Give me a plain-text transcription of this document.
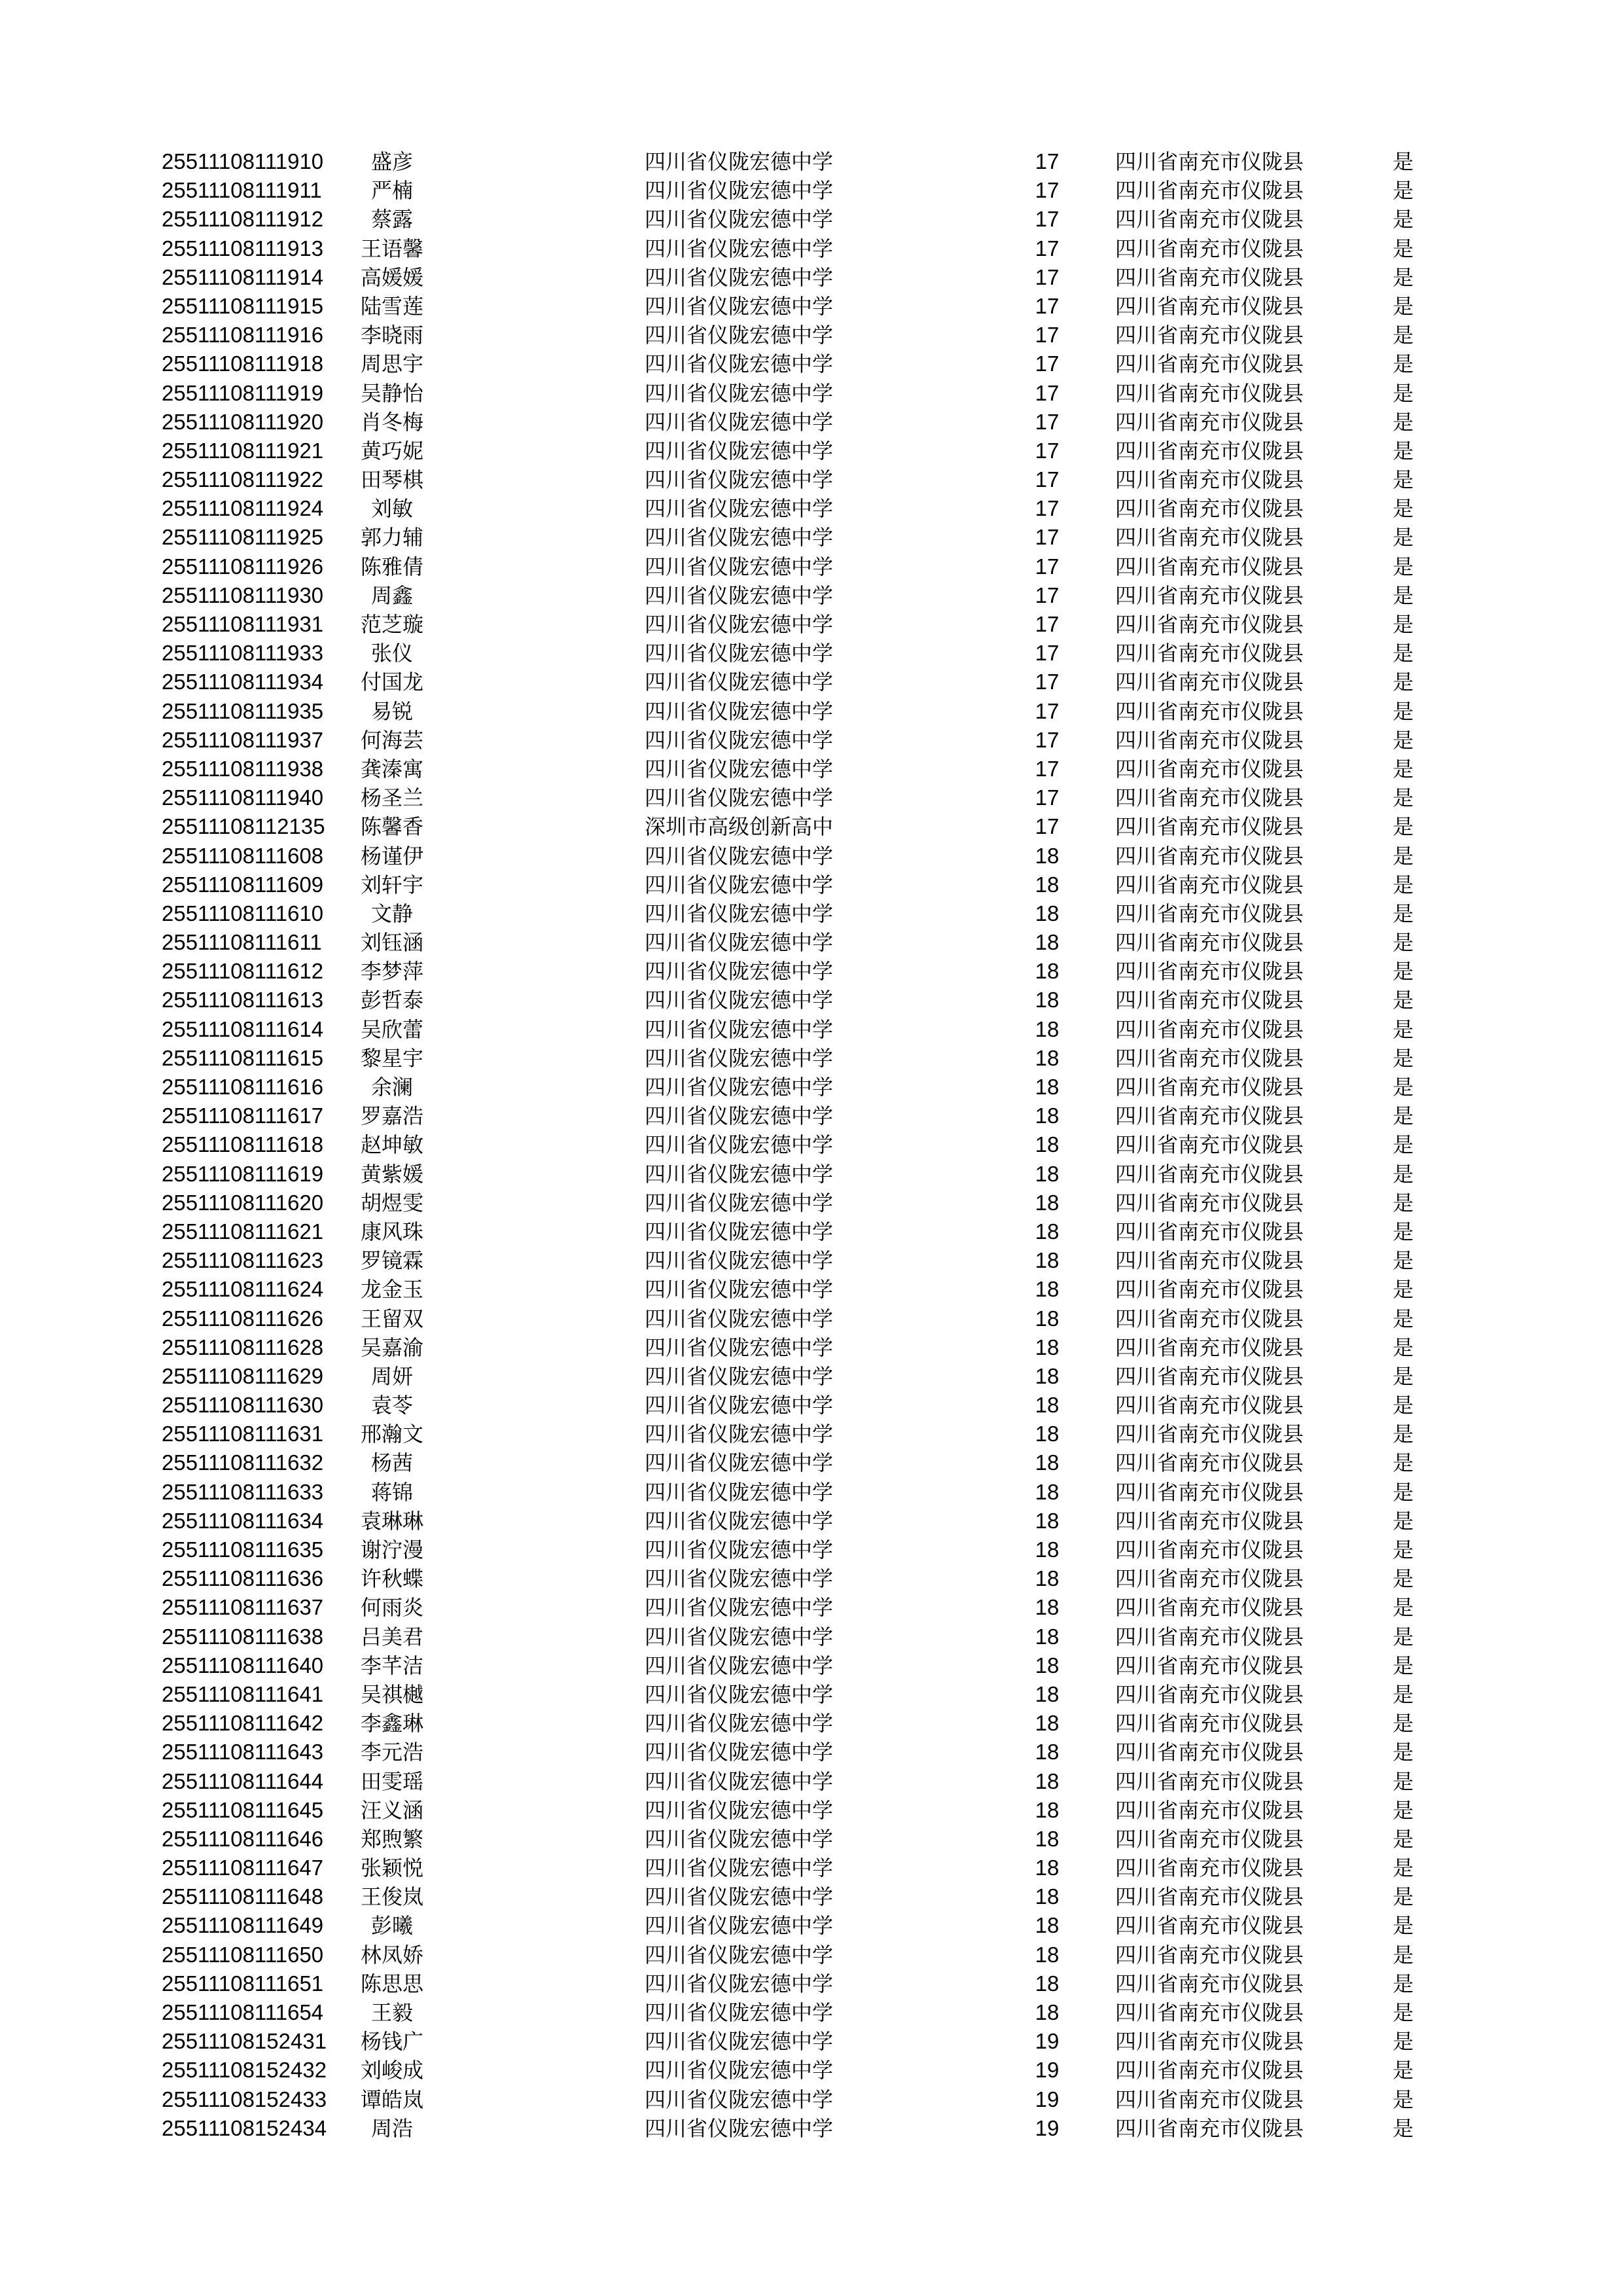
25511108111910	盛彦	四川省仪陇宏德中学	17	四川省南充市仪陇县	是
25511108111911	严楠	四川省仪陇宏德中学	17	四川省南充市仪陇县	是
25511108111912	蔡露	四川省仪陇宏德中学	17	四川省南充市仪陇县	是
25511108111913	王语馨	四川省仪陇宏德中学	17	四川省南充市仪陇县	是
25511108111914	高媛媛	四川省仪陇宏德中学	17	四川省南充市仪陇县	是
25511108111915	陆雪莲	四川省仪陇宏德中学	17	四川省南充市仪陇县	是
25511108111916	李晓雨	四川省仪陇宏德中学	17	四川省南充市仪陇县	是
25511108111918	周思宇	四川省仪陇宏德中学	17	四川省南充市仪陇县	是
25511108111919	吴静怡	四川省仪陇宏德中学	17	四川省南充市仪陇县	是
25511108111920	肖冬梅	四川省仪陇宏德中学	17	四川省南充市仪陇县	是
25511108111921	黄巧妮	四川省仪陇宏德中学	17	四川省南充市仪陇县	是
25511108111922	田琴棋	四川省仪陇宏德中学	17	四川省南充市仪陇县	是
25511108111924	刘敏	四川省仪陇宏德中学	17	四川省南充市仪陇县	是
25511108111925	郭力辅	四川省仪陇宏德中学	17	四川省南充市仪陇县	是
25511108111926	陈雅倩	四川省仪陇宏德中学	17	四川省南充市仪陇县	是
25511108111930	周鑫	四川省仪陇宏德中学	17	四川省南充市仪陇县	是
25511108111931	范芝璇	四川省仪陇宏德中学	17	四川省南充市仪陇县	是
25511108111933	张仪	四川省仪陇宏德中学	17	四川省南充市仪陇县	是
25511108111934	付国龙	四川省仪陇宏德中学	17	四川省南充市仪陇县	是
25511108111935	易锐	四川省仪陇宏德中学	17	四川省南充市仪陇县	是
25511108111937	何海芸	四川省仪陇宏德中学	17	四川省南充市仪陇县	是
25511108111938	龚溱寓	四川省仪陇宏德中学	17	四川省南充市仪陇县	是
25511108111940	杨圣兰	四川省仪陇宏德中学	17	四川省南充市仪陇县	是
25511108112135	陈馨香	深圳市高级创新高中	17	四川省南充市仪陇县	是
25511108111608	杨谨伊	四川省仪陇宏德中学	18	四川省南充市仪陇县	是
25511108111609	刘轩宇	四川省仪陇宏德中学	18	四川省南充市仪陇县	是
25511108111610	文静	四川省仪陇宏德中学	18	四川省南充市仪陇县	是
25511108111611	刘钰涵	四川省仪陇宏德中学	18	四川省南充市仪陇县	是
25511108111612	李梦萍	四川省仪陇宏德中学	18	四川省南充市仪陇县	是
25511108111613	彭哲泰	四川省仪陇宏德中学	18	四川省南充市仪陇县	是
25511108111614	吴欣蕾	四川省仪陇宏德中学	18	四川省南充市仪陇县	是
25511108111615	黎星宇	四川省仪陇宏德中学	18	四川省南充市仪陇县	是
25511108111616	余澜	四川省仪陇宏德中学	18	四川省南充市仪陇县	是
25511108111617	罗嘉浩	四川省仪陇宏德中学	18	四川省南充市仪陇县	是
25511108111618	赵坤敏	四川省仪陇宏德中学	18	四川省南充市仪陇县	是
25511108111619	黄紫媛	四川省仪陇宏德中学	18	四川省南充市仪陇县	是
25511108111620	胡煜雯	四川省仪陇宏德中学	18	四川省南充市仪陇县	是
25511108111621	康风珠	四川省仪陇宏德中学	18	四川省南充市仪陇县	是
25511108111623	罗镜霖	四川省仪陇宏德中学	18	四川省南充市仪陇县	是
25511108111624	龙金玉	四川省仪陇宏德中学	18	四川省南充市仪陇县	是
25511108111626	王留双	四川省仪陇宏德中学	18	四川省南充市仪陇县	是
25511108111628	吴嘉渝	四川省仪陇宏德中学	18	四川省南充市仪陇县	是
25511108111629	周妍	四川省仪陇宏德中学	18	四川省南充市仪陇县	是
25511108111630	袁苓	四川省仪陇宏德中学	18	四川省南充市仪陇县	是
25511108111631	邢瀚文	四川省仪陇宏德中学	18	四川省南充市仪陇县	是
25511108111632	杨茜	四川省仪陇宏德中学	18	四川省南充市仪陇县	是
25511108111633	蒋锦	四川省仪陇宏德中学	18	四川省南充市仪陇县	是
25511108111634	袁琳琳	四川省仪陇宏德中学	18	四川省南充市仪陇县	是
25511108111635	谢泞漫	四川省仪陇宏德中学	18	四川省南充市仪陇县	是
25511108111636	许秋蝶	四川省仪陇宏德中学	18	四川省南充市仪陇县	是
25511108111637	何雨炎	四川省仪陇宏德中学	18	四川省南充市仪陇县	是
25511108111638	吕美君	四川省仪陇宏德中学	18	四川省南充市仪陇县	是
25511108111640	李芊洁	四川省仪陇宏德中学	18	四川省南充市仪陇县	是
25511108111641	吴祺樾	四川省仪陇宏德中学	18	四川省南充市仪陇县	是
25511108111642	李鑫琳	四川省仪陇宏德中学	18	四川省南充市仪陇县	是
25511108111643	李元浩	四川省仪陇宏德中学	18	四川省南充市仪陇县	是
25511108111644	田雯瑶	四川省仪陇宏德中学	18	四川省南充市仪陇县	是
25511108111645	汪义涵	四川省仪陇宏德中学	18	四川省南充市仪陇县	是
25511108111646	郑煦繁	四川省仪陇宏德中学	18	四川省南充市仪陇县	是
25511108111647	张颖悦	四川省仪陇宏德中学	18	四川省南充市仪陇县	是
25511108111648	王俊岚	四川省仪陇宏德中学	18	四川省南充市仪陇县	是
25511108111649	彭曦	四川省仪陇宏德中学	18	四川省南充市仪陇县	是
25511108111650	林凤娇	四川省仪陇宏德中学	18	四川省南充市仪陇县	是
25511108111651	陈思思	四川省仪陇宏德中学	18	四川省南充市仪陇县	是
25511108111654	王毅	四川省仪陇宏德中学	18	四川省南充市仪陇县	是
25511108152431	杨钱广	四川省仪陇宏德中学	19	四川省南充市仪陇县	是
25511108152432	刘峻成	四川省仪陇宏德中学	19	四川省南充市仪陇县	是
25511108152433	谭皓岚	四川省仪陇宏德中学	19	四川省南充市仪陇县	是
25511108152434	周浩	四川省仪陇宏德中学	19	四川省南充市仪陇县	是
